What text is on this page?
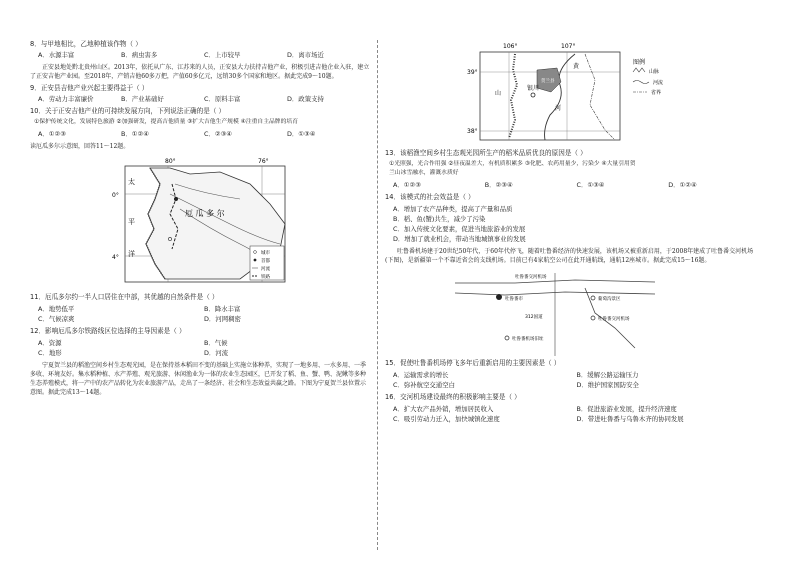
8．与甲地相比，乙地种植该作物（ ）
A．水源丰富	B．病虫害多	C．上市较早	D．离市场近
正安县地处黔北贵州山区。2013年，依托从广东、江苏来的人员，正安县大力扶持吉他产业，积极引进吉他企业入驻，建立了正安吉他产业园。至2018年，产销吉他60多万把，产值60多亿元，远销30多个国家和地区。据此完成9～10题。
9．正安县吉他产业兴起主要得益于（ ）
A．劳动力丰富廉价	B．产业基础好	C．原料丰富	D．政策支持
10．关于正安吉他产业的可持续发展方向，下列说法正确的是（ ）
①保护传统文化，发展特色旅游 ②加强研发，提高吉他质量 ③扩大吉他生产规模 ④注重自主品牌的培育
A．①②③	B．①②④	C．②③④	D．①③④
读厄瓜多尔示意图，回答11～12题。
80°	76°
0°
4°
太
平
洋
厄 瓜 多 尔
城市
首都
河流
铁路
11．厄瓜多尔约一半人口居住在中部，其优越的自然条件是（ ）
A．地势低平	B．降水丰富
C．气候凉爽	D．河网稠密
12．影响厄瓜多尔铁路线区位选择的主导因素是（ ）
A．资源	B．气候
C．地形	D．河流
宁夏贺兰县的稻渔空间乡村生态观光园，是在保持基本稻田不变的基础上实施立体种养，实现了一地多用、一水多用、一季多收、环境友好。集水稻种植、水产养殖、观光旅游、休闲渔业为一体的农业生态园区，已开发了稻、鱼、蟹、鸭、泥鳅等多种生态养殖模式，将一产中的农产品转化为农业旅游产品，走出了一条经济、社会和生态效益共赢之路。下图为宁夏贺兰县位置示意图。据此完成13～14题。
106°	107°
39°
38°
山
银川
贺兰县
黄
河
图例
山脉
河流
省界
13．该稻渔空间乡村生态观光园所生产的稻米品质优良的原因是（ ）
①光照强，光合作用强 ②昼夜温差大，有机质积累多 ③化肥、农药用量少，污染少 ④大量引用贺
兰山冰雪融水，灌溉水质好
A．①②③	B．②③④	C．①③④	D．①②④
14．该模式的社会效益是（ ）
A．增加了农产品种类，提高了产量和品质
B．稻、鱼(蟹)共生，减少了污染
C．加入传统文化要素，促进当地旅游业的发展
D．增加了就业机会，带动当地城镇事业的发展
吐鲁番机场建于20世纪50年代，于60年代停飞，随着吐鲁番经济的快速发展，该机场又被重新启用，于2008年建成了吐鲁番交河机场(下图)，是新疆第一个不靠近省会的支线机场。目前已有4家航空公司在此开通航线，通航12座城市。据此完成15～16题。
吐鲁番市
吐鲁番交河机场
312国道
葡萄沟景区
吐鲁番交河机场
吐鲁番机场旧址
15．促使吐鲁番机场停飞多年后重新启用的主要因素是（ ）
A．运输需求的增长	B．缓解公路运输压力
C．弥补航空交通空白	D．维护国家国防安全
16．交河机场建设最终的积极影响主要是（ ）
A．扩大农产品外销，增加居民收入	B．促进旅游业发展，提升经济速度
C．吸引劳动力迁入，加快城镇化速度	D．带进吐鲁番与乌鲁木齐的协同发展
